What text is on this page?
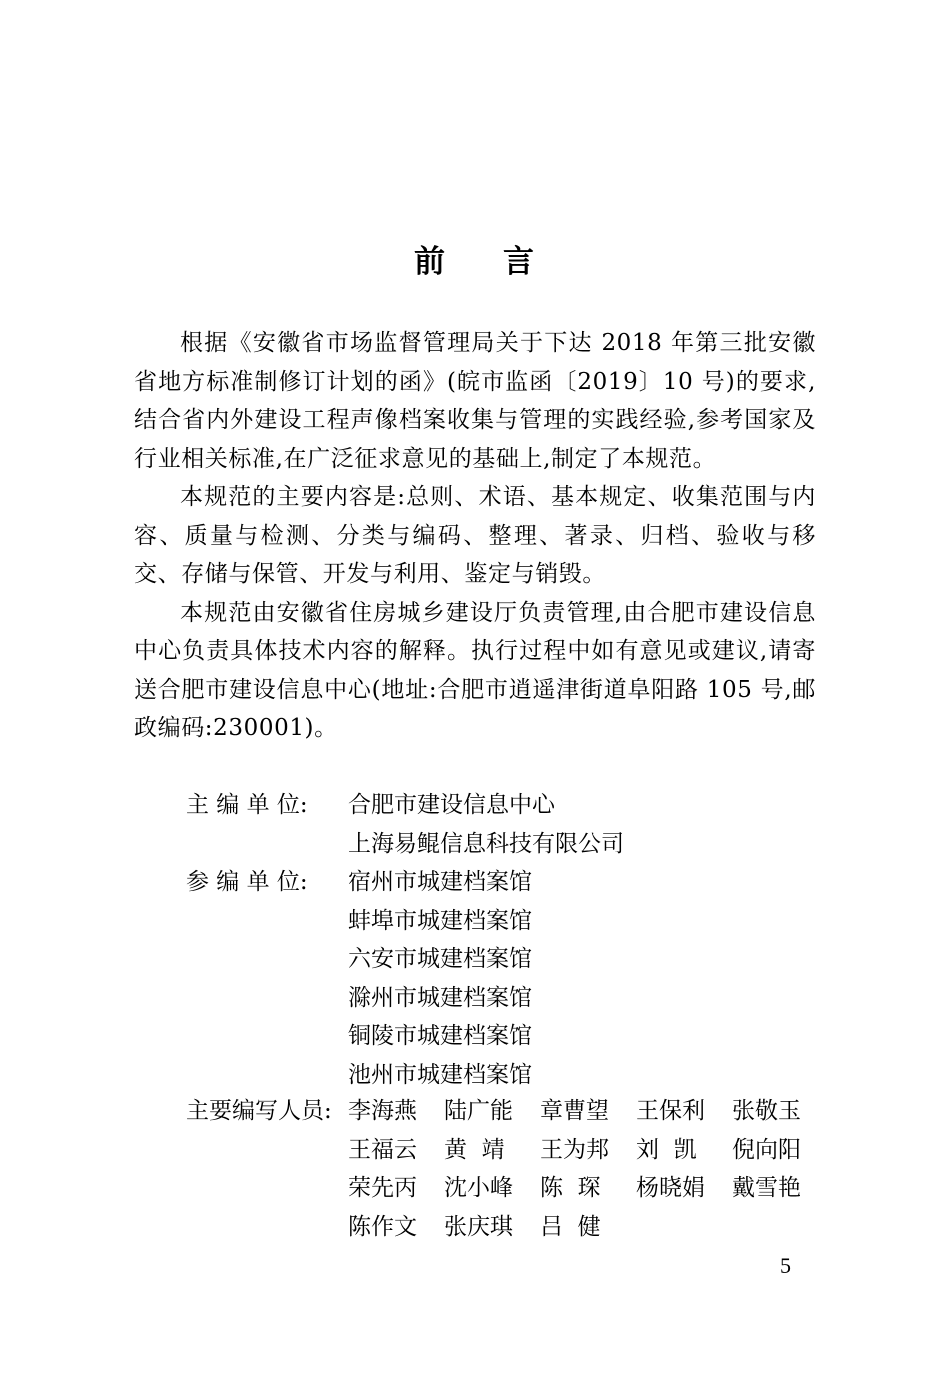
前 言

根据《安徽省市场监督管理局关于下达 2018 年第三批安徽省地方标准制修订计划的函》(皖市监函〔2019〕10 号)的要求,结合省内外建设工程声像档案收集与管理的实践经验,参考国家及行业相关标准,在广泛征求意见的基础上,制定了本规范。

本规范的主要内容是:总则、术语、基本规定、收集范围与内容、质量与检测、分类与编码、整理、著录、归档、验收与移交、存储与保管、开发与利用、鉴定与销毁。

本规范由安徽省住房城乡建设厅负责管理,由合肥市建设信息中心负责具体技术内容的解释。执行过程中如有意见或建议,请寄送合肥市建设信息中心(地址:合肥市逍遥津街道阜阳路 105 号,邮政编码:230001)。

主 编 单 位:	合肥市建设信息中心
上海易鲲信息科技有限公司
参 编 单 位:	宿州市城建档案馆
蚌埠市城建档案馆
六安市城建档案馆
滁州市城建档案馆
铜陵市城建档案馆
池州市城建档案馆
主要编写人员: 李海燕	陆广能	章曹望	王保利	张敬玉
王福云	黄  靖	王为邦	刘  凯	倪向阳
荣先丙	沈小峰	陈  琛	杨晓娟	戴雪艳
陈作文	张庆琪	吕  健
5
